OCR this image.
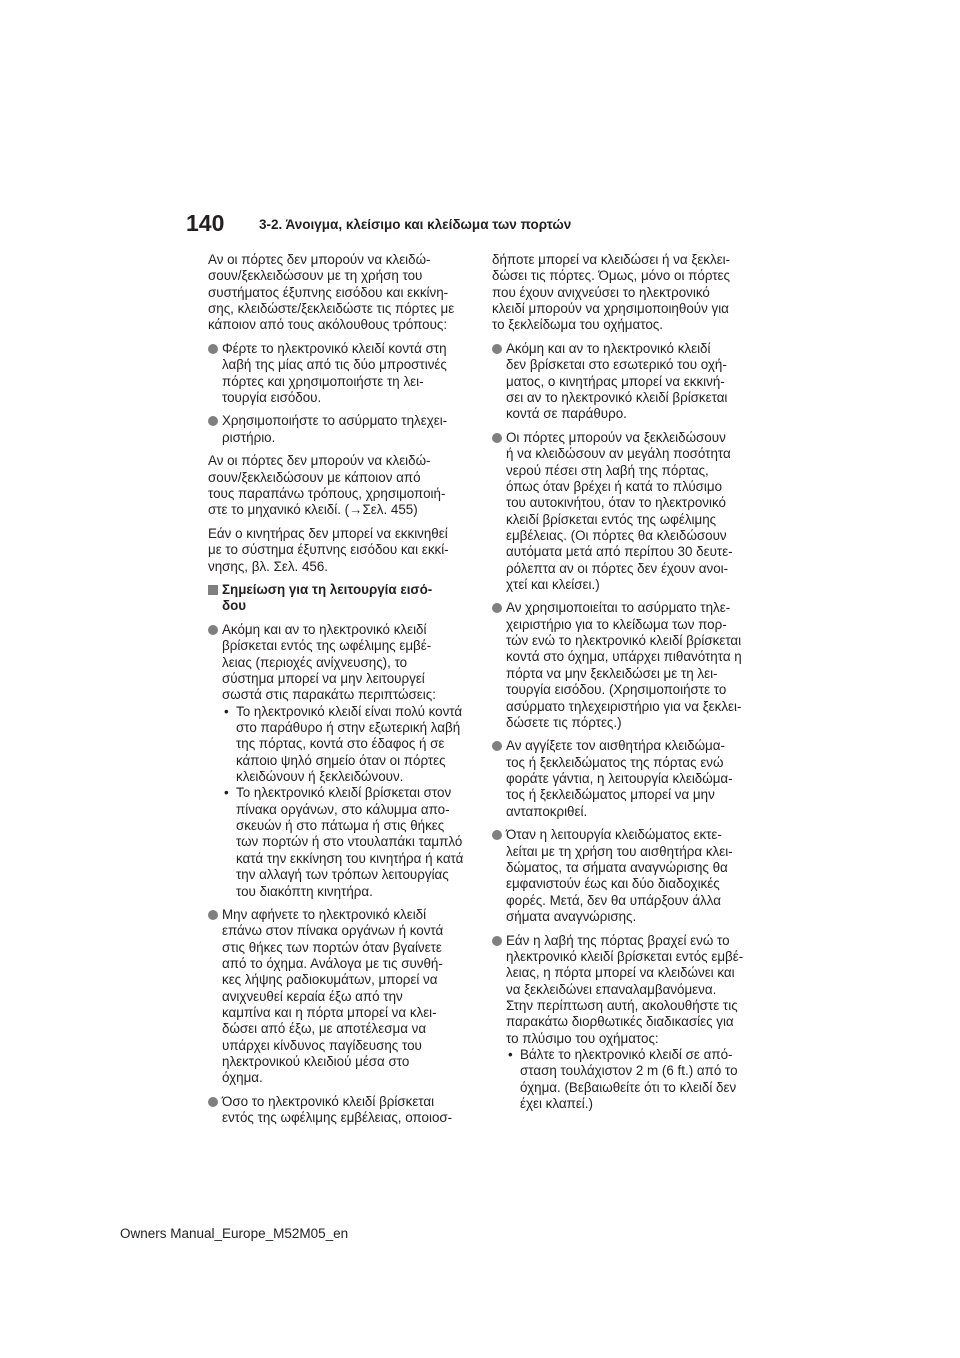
140	3-2. Άνοιγμα, κλείσιμο και κλείδωμα των πορτών

Αν οι πόρτες δεν μπορούν να κλειδώ-
σουν/ξεκλειδώσουν με τη χρήση του
συστήματος έξυπνης εισόδου και εκκίνη-
σης, κλειδώστε/ξεκλειδώστε τις πόρτες με
κάποιον από τους ακόλουθους τρόπους:

Φέρτε το ηλεκτρονικό κλειδί κοντά στη
λαβή της μίας από τις δύο μπροστινές
πόρτες και χρησιμοποιήστε τη λει-
τουργία εισόδου.
Χρησιμοποιήστε το ασύρματο τηλεχει-
ριστήριο.

Αν οι πόρτες δεν μπορούν να κλειδώ-
σουν/ξεκλειδώσουν με κάποιον από
τους παραπάνω τρόπους, χρησιμοποιή-
στε το μηχανικό κλειδί. (→Σελ. 455)

Εάν ο κινητήρας δεν μπορεί να εκκινηθεί
με το σύστημα έξυπνης εισόδου και εκκί-
νησης, βλ. Σελ. 456.

Σημείωση για τη λειτουργία εισό-
δου
Ακόμη και αν το ηλεκτρονικό κλειδί
βρίσκεται εντός της ωφέλιμης εμβέ-
λειας (περιοχές ανίχνευσης), το
σύστημα μπορεί να μην λειτουργεί
σωστά στις παρακάτω περιπτώσεις:
• Το ηλεκτρονικό κλειδί είναι πολύ κοντά
στο παράθυρο ή στην εξωτερική λαβή
της πόρτας, κοντά στο έδαφος ή σε
κάποιο ψηλό σημείο όταν οι πόρτες
κλειδώνουν ή ξεκλειδώνουν.
• Το ηλεκτρονικό κλειδί βρίσκεται στον
πίνακα οργάνων, στο κάλυμμα απο-
σκευών ή στο πάτωμα ή στις θήκες
των πορτών ή στο ντουλαπάκι ταμπλό
κατά την εκκίνηση του κινητήρα ή κατά
την αλλαγή των τρόπων λειτουργίας
του διακόπτη κινητήρα.
Μην αφήνετε το ηλεκτρονικό κλειδί
επάνω στον πίνακα οργάνων ή κοντά
στις θήκες των πορτών όταν βγαίνετε
από το όχημα. Ανάλογα με τις συνθή-
κες λήψης ραδιοκυμάτων, μπορεί να
ανιχνευθεί κεραία έξω από την
καμπίνα και η πόρτα μπορεί να κλει-
δώσει από έξω, με αποτέλεσμα να
υπάρχει κίνδυνος παγίδευσης του
ηλεκτρονικού κλειδιού μέσα στο
όχημα.
Όσο το ηλεκτρονικό κλειδί βρίσκεται
εντός της ωφέλιμης εμβέλειας, οποιοσ-

δήποτε μπορεί να κλειδώσει ή να ξεκλει-
δώσει τις πόρτες. Όμως, μόνο οι πόρτες
που έχουν ανιχνεύσει το ηλεκτρονικό
κλειδί μπορούν να χρησιμοποιηθούν για
το ξεκλείδωμα του οχήματος.

Ακόμη και αν το ηλεκτρονικό κλειδί
δεν βρίσκεται στο εσωτερικό του οχή-
ματος, ο κινητήρας μπορεί να εκκινή-
σει αν το ηλεκτρονικό κλειδί βρίσκεται
κοντά σε παράθυρο.
Οι πόρτες μπορούν να ξεκλειδώσουν
ή να κλειδώσουν αν μεγάλη ποσότητα
νερού πέσει στη λαβή της πόρτας,
όπως όταν βρέχει ή κατά το πλύσιμο
του αυτοκινήτου, όταν το ηλεκτρονικό
κλειδί βρίσκεται εντός της ωφέλιμης
εμβέλειας. (Οι πόρτες θα κλειδώσουν
αυτόματα μετά από περίπου 30 δευτε-
ρόλεπτα αν οι πόρτες δεν έχουν ανοι-
χτεί και κλείσει.)
Αν χρησιμοποιείται το ασύρματο τηλε-
χειριστήριο για το κλείδωμα των πορ-
τών ενώ το ηλεκτρονικό κλειδί βρίσκεται
κοντά στο όχημα, υπάρχει πιθανότητα η
πόρτα να μην ξεκλειδώσει με τη λει-
τουργία εισόδου. (Χρησιμοποιήστε το
ασύρματο τηλεχειριστήριο για να ξεκλει-
δώσετε τις πόρτες.)
Αν αγγίξετε τον αισθητήρα κλειδώμα-
τος ή ξεκλειδώματος της πόρτας ενώ
φοράτε γάντια, η λειτουργία κλειδώμα-
τος ή ξεκλειδώματος μπορεί να μην
ανταποκριθεί.
Όταν η λειτουργία κλειδώματος εκτε-
λείται με τη χρήση του αισθητήρα κλει-
δώματος, τα σήματα αναγνώρισης θα
εμφανιστούν έως και δύο διαδοχικές
φορές. Μετά, δεν θα υπάρξουν άλλα
σήματα αναγνώρισης.
Εάν η λαβή της πόρτας βραχεί ενώ το
ηλεκτρονικό κλειδί βρίσκεται εντός εμβέ-
λειας, η πόρτα μπορεί να κλειδώνει και
να ξεκλειδώνει επαναλαμβανόμενα.
Στην περίπτωση αυτή, ακολουθήστε τις
παρακάτω διορθωτικές διαδικασίες για
το πλύσιμο του οχήματος:
• Βάλτε το ηλεκτρονικό κλειδί σε από-
σταση τουλάχιστον 2 m (6 ft.) από το
όχημα. (Βεβαιωθείτε ότι το κλειδί δεν
έχει κλαπεί.)
Owners Manual_Europe_M52M05_en
